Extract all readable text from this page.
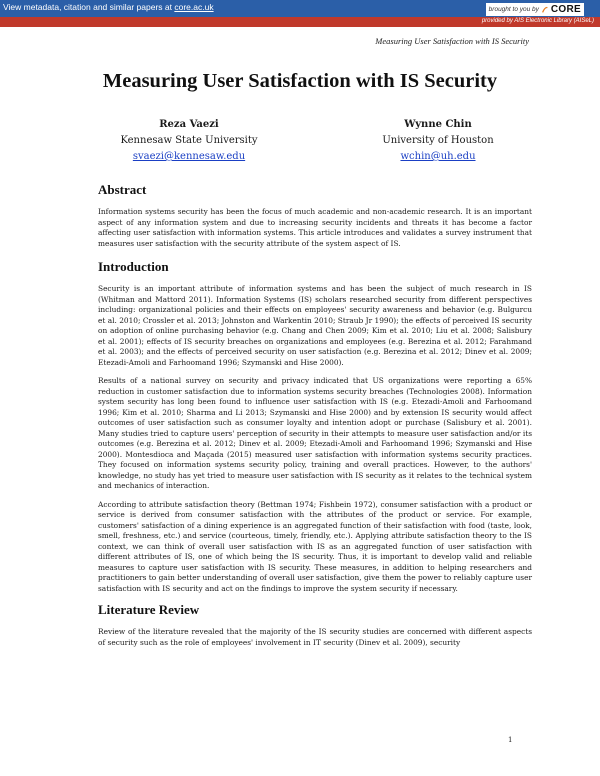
View metadata, citation and similar papers at core.ac.uk	brought to you by CORE
provided by AIS Electronic Library (AISeL)
Measuring User Satisfaction with IS Security
Measuring User Satisfaction with IS Security
Reza Vaezi
Kennesaw State University
svaezi@kennesaw.edu
Wynne Chin
University of Houston
wchin@uh.edu
Abstract

Information systems security has been the focus of much academic and non-academic research. It is an important aspect of any information system and due to increasing security incidents and threats it has become a factor affecting user satisfaction with information systems. This article introduces and validates a survey instrument that measures user satisfaction with the security attribute of the system aspect of IS.

Introduction

Security is an important attribute of information systems and has been the subject of much research in IS (Whitman and Mattord 2011). Information Systems (IS) scholars researched security from different perspectives including: organizational policies and their effects on employees' security awareness and behavior (e.g. Bulgurcu et al. 2010; Crossler et al. 2013; Johnston and Warkentin 2010; Straub Jr 1990); the effects of perceived IS security on adoption of online purchasing behavior (e.g. Chang and Chen 2009; Kim et al. 2010; Liu et al. 2008; Salisbury et al. 2001); effects of IS security breaches on organizations and employees (e.g. Berezina et al. 2012; Farahmand et al. 2003); and the effects of perceived security on user satisfaction (e.g. Berezina et al. 2012; Dinev et al. 2009; Etezadi-Amoli and Farhoomand 1996; Szymanski and Hise 2000).

Results of a national survey on security and privacy indicated that US organizations were reporting a 65% reduction in customer satisfaction due to information systems security breaches (Technologies 2008). Information system security has long been found to influence user satisfaction with IS (e.g. Etezadi-Amoli and Farhoomand 1996; Kim et al. 2010; Sharma and Li 2013; Szymanski and Hise 2000) and by extension IS security would affect outcomes of user satisfaction such as consumer loyalty and intention adopt or purchase (Salisbury et al. 2001). Many studies tried to capture users' perception of security in their attempts to measure user satisfaction and/or its outcomes (e.g. Berezina et al. 2012; Dinev et al. 2009; Etezadi-Amoli and Farhoomand 1996; Szymanski and Hise 2000). Montesdioca and Maçada (2015) measured user satisfaction with information systems security practices. They focused on information systems security policy, training and overall practices. However, to the authors' knowledge, no study has yet tried to measure user satisfaction with IS security as it relates to the technical system and mechanics of interaction.

According to attribute satisfaction theory (Bettman 1974; Fishbein 1972), consumer satisfaction with a product or service is derived from consumer satisfaction with the attributes of the product or service. For example, customers' satisfaction of a dining experience is an aggregated function of their satisfaction with food (taste, look, smell, freshness, etc.) and service (courteous, timely, friendly, etc.). Applying attribute satisfaction theory to the IS context, we can think of overall user satisfaction with IS as an aggregated function of user satisfaction with different attributes of IS, one of which being the IS security. Thus, it is important to develop valid and reliable measures to capture user satisfaction with IS security. These measures, in addition to helping researchers and practitioners to gain better understanding of overall user satisfaction, give them the power to reliably capture user satisfaction with IS security and act on the findings to improve the system security if necessary.

Literature Review

Review of the literature revealed that the majority of the IS security studies are concerned with different aspects of security such as the role of employees' involvement in IT security (Dinev et al. 2009), security

1
